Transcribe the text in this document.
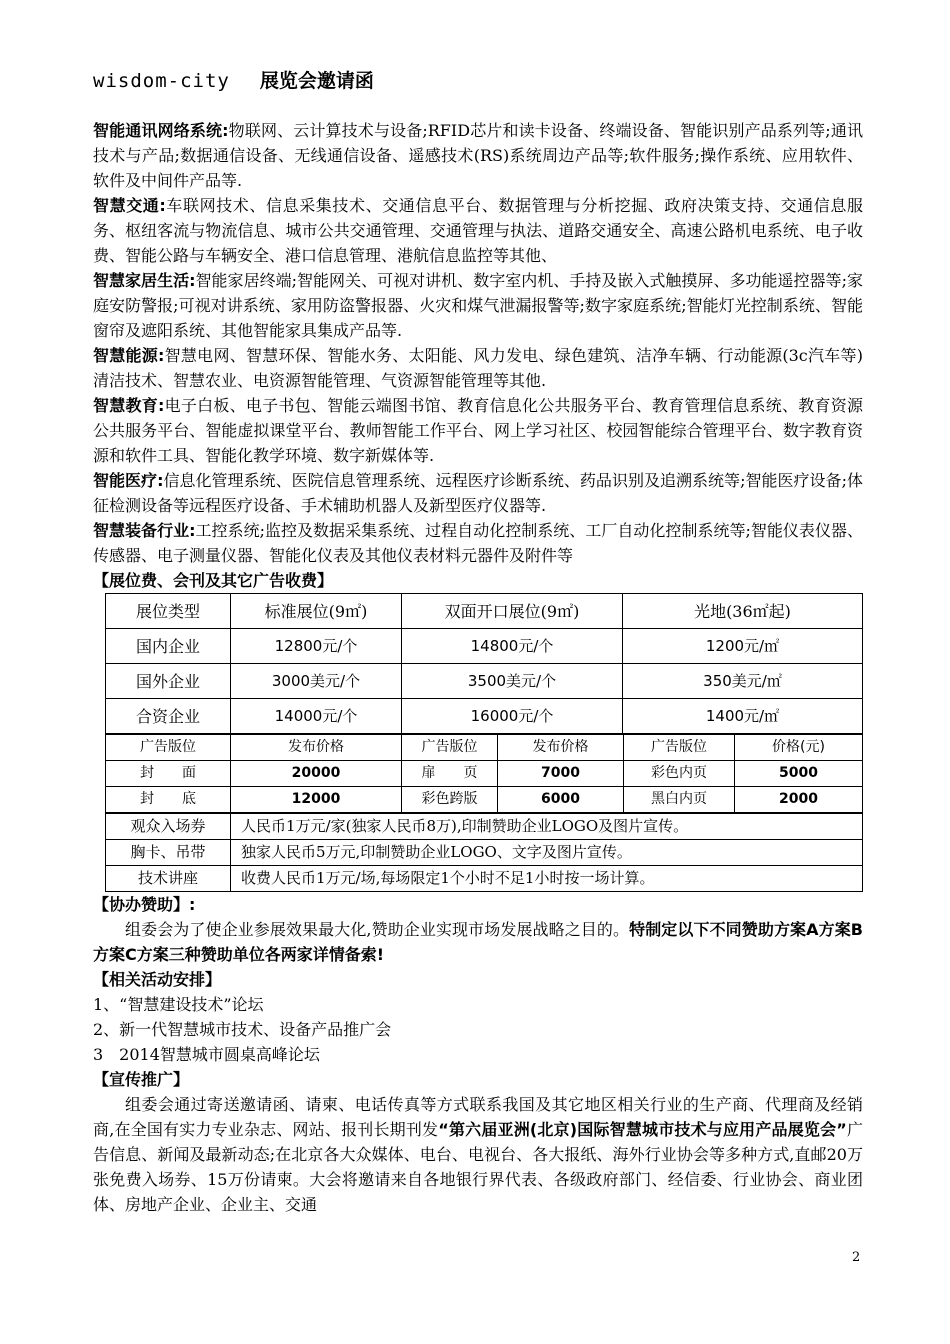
wisdom-city 展览会邀请函

智能通讯网络系统:物联网、云计算技术与设备;RFID芯片和读卡设备、终端设备、智能识别产品系列等;通讯技术与产品;数据通信设备、无线通信设备、遥感技术(RS)系统周边产品等;软件服务;操作系统、应用软件、软件及中间件产品等.

智慧交通:车联网技术、信息采集技术、交通信息平台、数据管理与分析挖掘、政府决策支持、交通信息服务、枢纽客流与物流信息、城市公共交通管理、交通管理与执法、道路交通安全、高速公路机电系统、电子收费、智能公路与车辆安全、港口信息管理、港航信息监控等其他、

智慧家居生活:智能家居终端;智能网关、可视对讲机、数字室内机、手持及嵌入式触摸屏、多功能遥控器等;家庭安防警报;可视对讲系统、家用防盗警报器、火灾和煤气泄漏报警等;数字家庭系统;智能灯光控制系统、智能窗帘及遮阳系统、其他智能家具集成产品等.

智慧能源:智慧电网、智慧环保、智能水务、太阳能、风力发电、绿色建筑、洁净车辆、行动能源(3c汽车等)清洁技术、智慧农业、电资源智能管理、气资源智能管理等其他.

智慧教育:电子白板、电子书包、智能云端图书馆、教育信息化公共服务平台、教育管理信息系统、教育资源公共服务平台、智能虚拟课堂平台、教师智能工作平台、网上学习社区、校园智能综合管理平台、数字教育资源和软件工具、智能化教学环境、数字新媒体等.

智能医疗:信息化管理系统、医院信息管理系统、远程医疗诊断系统、药品识别及追溯系统等;智能医疗设备;体征检测设备等远程医疗设备、手术辅助机器人及新型医疗仪器等.

智慧装备行业:工控系统;监控及数据采集系统、过程自动化控制系统、工厂自动化控制系统等;智能仪表仪器、传感器、电子测量仪器、智能化仪表及其他仪表材料元器件及附件等

【展位费、会刊及其它广告收费】

展位类型	标准展位(9㎡)	双面开口展位(9㎡)	光地(36㎡起)
国内企业	12800元/个	14800元/个	1200元/㎡
国外企业	3000美元/个	3500美元/个	350美元/㎡
合资企业	14000元/个	16000元/个	1400元/㎡
广告版位	发布价格	广告版位	发布价格	广告版位	价格(元)
封　　面	20000	扉　　页	7000	彩色内页	5000
封　　底	12000	彩色跨版	6000	黑白内页	2000
观众入场券	人民币1万元/家(独家人民币8万),印制赞助企业LOGO及图片宣传。
胸卡、吊带	独家人民币5万元,印制赞助企业LOGO、文字及图片宣传。
技术讲座	收费人民币1万元/场,每场限定1个小时不足1小时按一场计算。

【协办赞助】:

组委会为了使企业参展效果最大化,赞助企业实现市场发展战略之目的。特制定以下不同赞助方案A方案B方案C方案三种赞助单位各两家详情备索!

【相关活动安排】

1、“智慧建设技术”论坛

2、新一代智慧城市技术、设备产品推广会

3　2014智慧城市圆桌高峰论坛

【宣传推广】

组委会通过寄送邀请函、请柬、电话传真等方式联系我国及其它地区相关行业的生产商、代理商及经销商,在全国有实力专业杂志、网站、报刊长期刊发“第六届亚洲(北京)国际智慧城市技术与应用产品展览会”广告信息、新闻及最新动态;在北京各大众媒体、电台、电视台、各大报纸、海外行业协会等多种方式,直邮20万张免费入场券、15万份请柬。大会将邀请来自各地银行界代表、各级政府部门、经信委、行业协会、商业团体、房地产企业、企业主、交通

2
